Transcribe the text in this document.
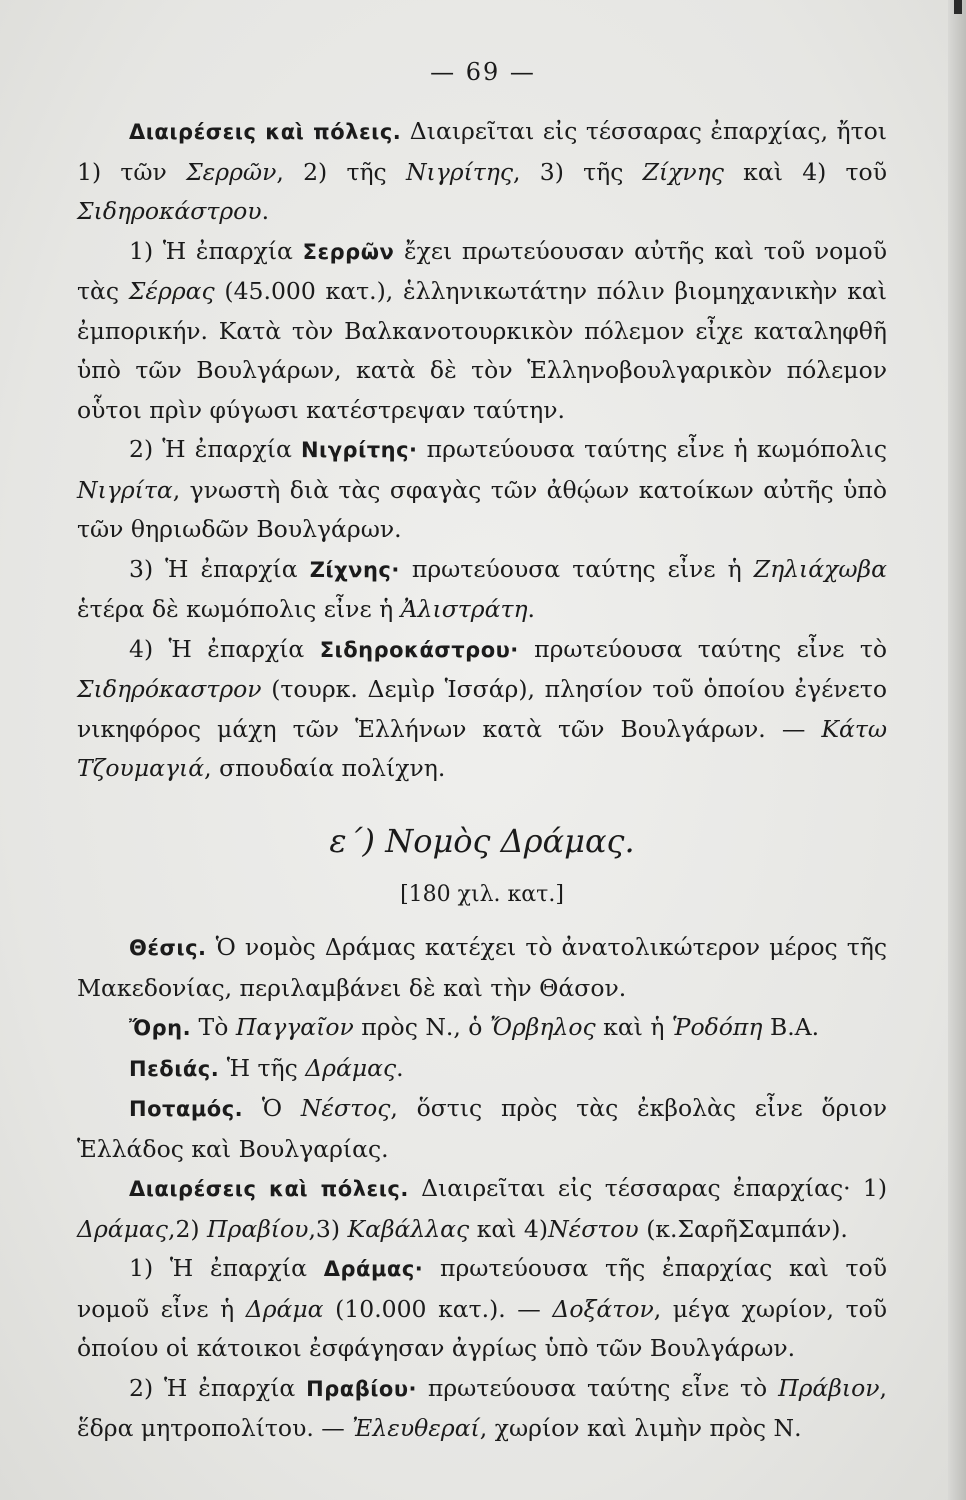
— 69 —

Διαιρέσεις καὶ πόλεις. Διαιρεῖται εἰς τέσσαρας ἐπαρχίας, ἤτοι 1) τῶν Σερρῶν, 2) τῆς Νιγρίτης, 3) τῆς Ζίχνης καὶ 4) τοῦ Σιδηροκάστρου.

1) Ἡ ἐπαρχία Σερρῶν ἔχει πρωτεύουσαν αὐτῆς καὶ τοῦ νομοῦ τὰς Σέρρας (45.000 κατ.), ἑλληνικωτάτην πόλιν βιομηχανικὴν καὶ ἐμπορικήν. Κατὰ τὸν Βαλκανοτουρκικὸν πόλεμον εἶχε καταληφθῆ ὑπὸ τῶν Βουλγάρων, κατὰ δὲ τὸν Ἑλληνοβουλγαρικὸν πόλεμον οὗτοι πρὶν φύγωσι κατέστρεψαν ταύτην.

2) Ἡ ἐπαρχία Νιγρίτης· πρωτεύουσα ταύτης εἶνε ἡ κωμόπολις Νιγρίτα, γνωστὴ διὰ τὰς σφαγὰς τῶν ἀθῴων κατοίκων αὐτῆς ὑπὸ τῶν θηριωδῶν Βουλγάρων.

3) Ἡ ἐπαρχία Ζίχνης· πρωτεύουσα ταύτης εἶνε ἡ Ζηλιάχωβα ἑτέρα δὲ κωμόπολις εἶνε ἡ Ἀλιστράτη.

4) Ἡ ἐπαρχία Σιδηροκάστρου· πρωτεύουσα ταύτης εἶνε τὸ Σιδηρόκαστρον (τουρκ. Δεμὶρ Ἱσσάρ), πλησίον τοῦ ὁποίου ἐγένετο νικηφόρος μάχη τῶν Ἑλλήνων κατὰ τῶν Βουλγάρων. — Κάτω Τζουμαγιά, σπουδαία πολίχνη.

ε΄) Νομὸς Δράμας.
[180 χιλ. κατ.]

Θέσις. Ὁ νομὸς Δράμας κατέχει τὸ ἀνατολικώτερον μέρος τῆς Μακεδονίας, περιλαμβάνει δὲ καὶ τὴν Θάσον.

Ὄρη. Τὸ Παγγαῖον πρὸς Ν., ὁ Ὄρβηλος καὶ ἡ Ῥοδόπη Β.Α.

Πεδιάς. Ἡ τῆς Δράμας.

Ποταμός. Ὁ Νέστος, ὅστις πρὸς τὰς ἐκβολὰς εἶνε ὅριον Ἑλλάδος καὶ Βουλγαρίας.

Διαιρέσεις καὶ πόλεις. Διαιρεῖται εἰς τέσσαρας ἐπαρχίας· 1) Δράμας,2) Πραβίου,3) Καβάλλας καὶ 4)Νέστου (κ.ΣαρῆΣαμπάν).

1) Ἡ ἐπαρχία Δράμας· πρωτεύουσα τῆς ἐπαρχίας καὶ τοῦ νομοῦ εἶνε ἡ Δράμα (10.000 κατ.). — Δοξάτον, μέγα χωρίον, τοῦ ὁποίου οἱ κάτοικοι ἐσφάγησαν ἀγρίως ὑπὸ τῶν Βουλγάρων.

2) Ἡ ἐπαρχία Πραβίου· πρωτεύουσα ταύτης εἶνε τὸ Πράβιον, ἕδρα μητροπολίτου. — Ἐλευθεραί, χωρίον καὶ λιμὴν πρὸς Ν.
